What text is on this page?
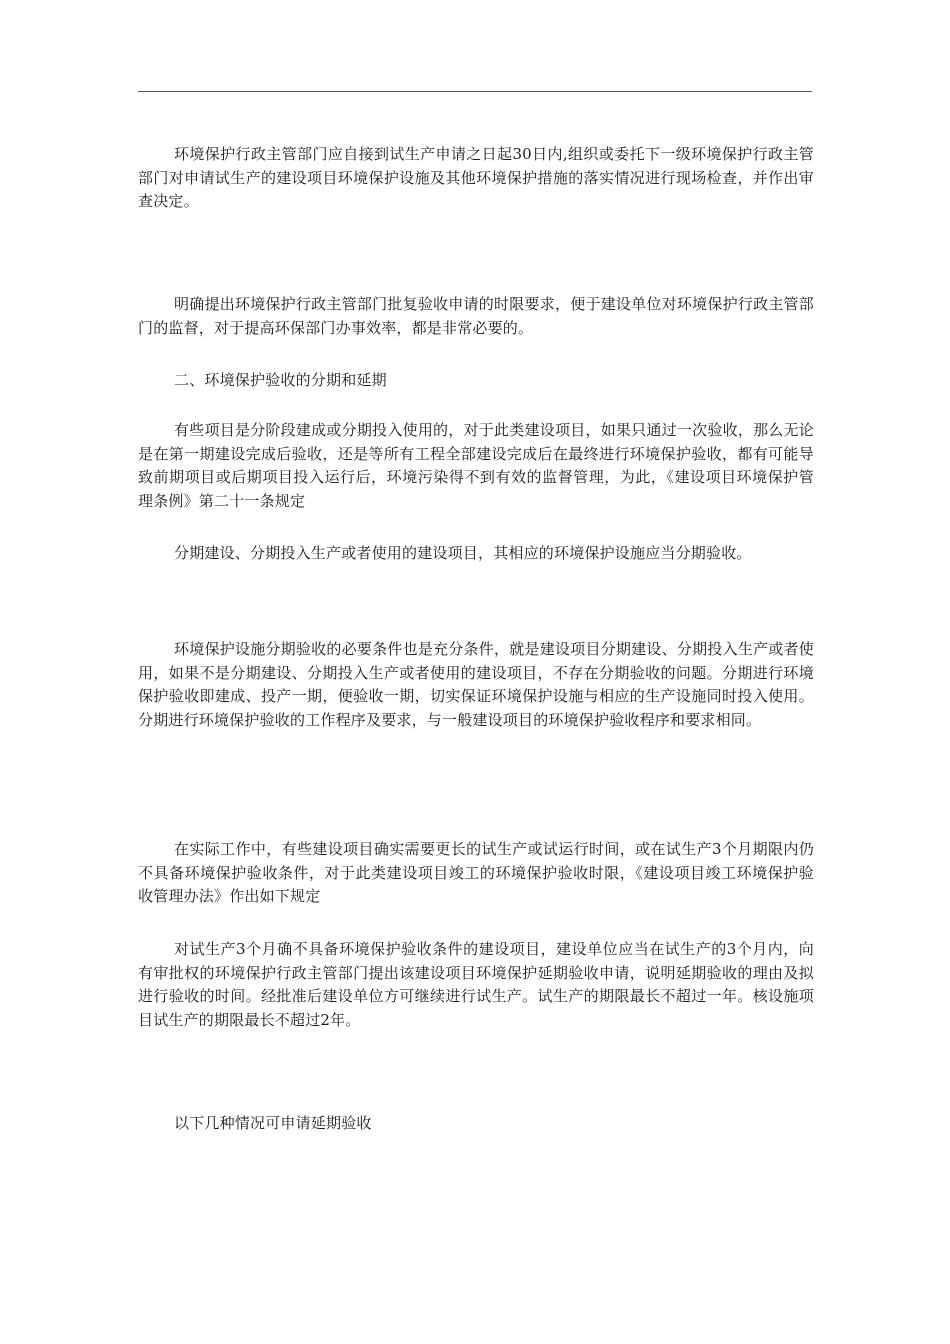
环境保护行政主管部门应自接到试生产申请之日起30日内,组织或委托下一级环境保护行政主管部门对申请试生产的建设项目环境保护设施及其他环境保护措施的落实情况进行现场检查，并作出审查决定。

明确提出环境保护行政主管部门批复验收申请的时限要求，便于建设单位对环境保护行政主管部门的监督，对于提高环保部门办事效率，都是非常必要的。

二、环境保护验收的分期和延期

有些项目是分阶段建成或分期投入使用的，对于此类建设项目，如果只通过一次验收，那么无论是在第一期建设完成后验收，还是等所有工程全部建设完成后在最终进行环境保护验收，都有可能导致前期项目或后期项目投入运行后，环境污染得不到有效的监督管理，为此，《建设项目环境保护管理条例》第二十一条规定

分期建设、分期投入生产或者使用的建设项目，其相应的环境保护设施应当分期验收。

环境保护设施分期验收的必要条件也是充分条件，就是建设项目分期建设、分期投入生产或者使用，如果不是分期建设、分期投入生产或者使用的建设项目，不存在分期验收的问题。分期进行环境保护验收即建成、投产一期，便验收一期，切实保证环境保护设施与相应的生产设施同时投入使用。分期进行环境保护验收的工作程序及要求，与一般建设项目的环境保护验收程序和要求相同。

在实际工作中，有些建设项目确实需要更长的试生产或试运行时间，或在试生产3个月期限内仍不具备环境保护验收条件，对于此类建设项目竣工的环境保护验收时限，《建设项目竣工环境保护验收管理办法》作出如下规定

对试生产3个月确不具备环境保护验收条件的建设项目，建设单位应当在试生产的3个月内，向有审批权的环境保护行政主管部门提出该建设项目环境保护延期验收申请，说明延期验收的理由及拟进行验收的时间。经批准后建设单位方可继续进行试生产。试生产的期限最长不超过一年。核设施项目试生产的期限最长不超过2年。

以下几种情况可申请延期验收
